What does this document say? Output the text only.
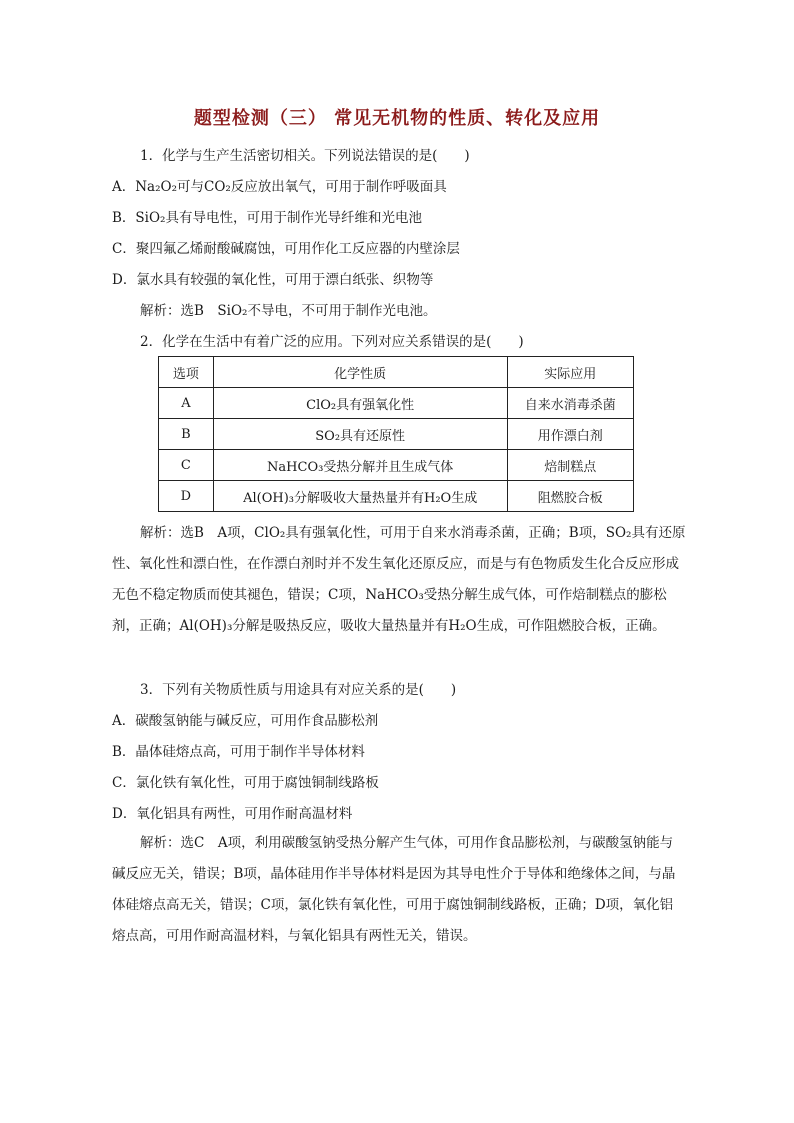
题型检测（三） 常见无机物的性质、转化及应用
1．化学与生产生活密切相关。下列说法错误的是(　　)
A．Na₂O₂可与CO₂反应放出氧气，可用于制作呼吸面具
B．SiO₂具有导电性，可用于制作光导纤维和光电池
C．聚四氟乙烯耐酸碱腐蚀，可用作化工反应器的内壁涂层
D．氯水具有较强的氧化性，可用于漂白纸张、织物等
解析：选B　SiO₂不导电，不可用于制作光电池。
2．化学在生活中有着广泛的应用。下列对应关系错误的是(　　)
选项	化学性质	实际应用
A	ClO₂具有强氧化性	自来水消毒杀菌
B	SO₂具有还原性	用作漂白剂
C	NaHCO₃受热分解并且生成气体	焙制糕点
D	Al(OH)₃分解吸收大量热量并有H₂O生成	阻燃胶合板
解析：选B　A项，ClO₂具有强氧化性，可用于自来水消毒杀菌，正确；B项，SO₂具有还原性、氧化性和漂白性，在作漂白剂时并不发生氧化还原反应，而是与有色物质发生化合反应形成无色不稳定物质而使其褪色，错误；C项，NaHCO₃受热分解生成气体，可作焙制糕点的膨松剂，正确；Al(OH)₃分解是吸热反应，吸收大量热量并有H₂O生成，可作阻燃胶合板，正确。
3．下列有关物质性质与用途具有对应关系的是(　　)
A．碳酸氢钠能与碱反应，可用作食品膨松剂
B．晶体硅熔点高，可用于制作半导体材料
C．氯化铁有氧化性，可用于腐蚀铜制线路板
D．氧化铝具有两性，可用作耐高温材料
解析：选C　A项，利用碳酸氢钠受热分解产生气体，可用作食品膨松剂，与碳酸氢钠能与碱反应无关，错误；B项，晶体硅用作半导体材料是因为其导电性介于导体和绝缘体之间，与晶体硅熔点高无关，错误；C项，氯化铁有氧化性，可用于腐蚀铜制线路板，正确；D项，氧化铝熔点高，可用作耐高温材料，与氧化铝具有两性无关，错误。
